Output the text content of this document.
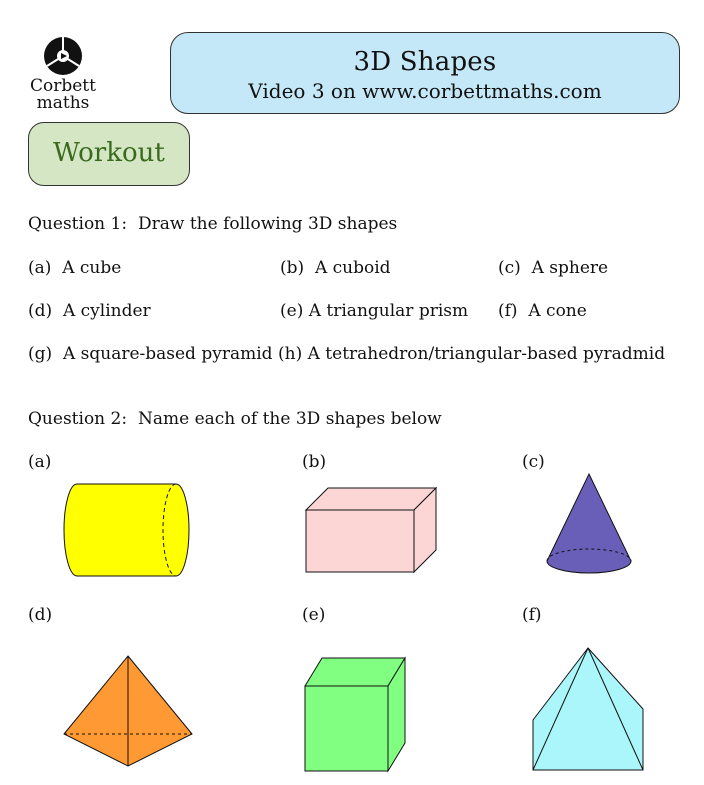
Corbett
maths
3D Shapes
Video 3 on www.corbettmaths.com
Workout
Question 1: Draw the following 3D shapes
(a)  A cube	(b)  A cuboid	(c)  A sphere
(d)  A cylinder	(e) A triangular prism (f)  A cone
(g)  A square-based pyramid (h) A tetrahedron/triangular-based pyradmid
Question 2: Name each of the 3D shapes below
(a)	(b)	(c)
(d)	(e)	(f)
